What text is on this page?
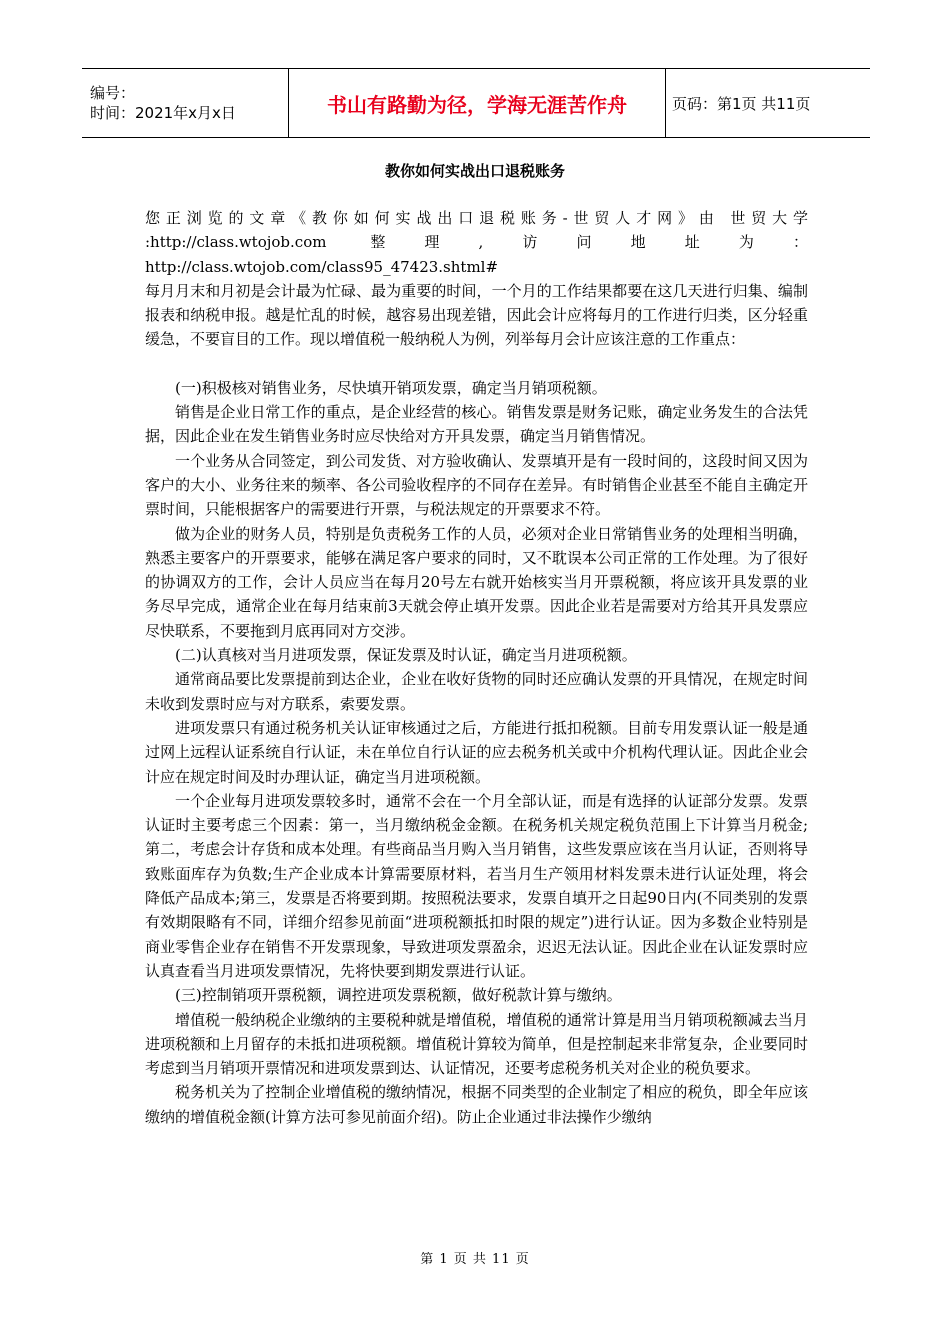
编号：
时间：2021年x月x日	书山有路勤为径，学海无涯苦作舟	页码：第1页 共11页
教你如何实战出口退税账务

您正浏览的文章《教你如何实战出口退税账务-世贸人才网》由 世贸大学

:http://class.wtojob.com 整理,访问地址为：http://class.wtojob.com/class95_47423.shtml#

每月月末和月初是会计最为忙碌、最为重要的时间，一个月的工作结果都要在这几天进行归集、编制报表和纳税申报。越是忙乱的时候，越容易出现差错，因此会计应将每月的工作进行归类，区分轻重缓急，不要盲目的工作。现以增值税一般纳税人为例，列举每月会计应该注意的工作重点：

(一)积极核对销售业务，尽快填开销项发票，确定当月销项税额。

销售是企业日常工作的重点，是企业经营的核心。销售发票是财务记账，确定业务发生的合法凭据，因此企业在发生销售业务时应尽快给对方开具发票，确定当月销售情况。

一个业务从合同签定，到公司发货、对方验收确认、发票填开是有一段时间的，这段时间又因为客户的大小、业务往来的频率、各公司验收程序的不同存在差异。有时销售企业甚至不能自主确定开票时间，只能根据客户的需要进行开票，与税法规定的开票要求不符。

做为企业的财务人员，特别是负责税务工作的人员，必须对企业日常销售业务的处理相当明确，熟悉主要客户的开票要求，能够在满足客户要求的同时，又不耽误本公司正常的工作处理。为了很好的协调双方的工作，会计人员应当在每月20号左右就开始核实当月开票税额，将应该开具发票的业务尽早完成，通常企业在每月结束前3天就会停止填开发票。因此企业若是需要对方给其开具发票应尽快联系，不要拖到月底再同对方交涉。

(二)认真核对当月进项发票，保证发票及时认证，确定当月进项税额。

通常商品要比发票提前到达企业，企业在收好货物的同时还应确认发票的开具情况，在规定时间未收到发票时应与对方联系，索要发票。

进项发票只有通过税务机关认证审核通过之后，方能进行抵扣税额。目前专用发票认证一般是通过网上远程认证系统自行认证，未在单位自行认证的应去税务机关或中介机构代理认证。因此企业会计应在规定时间及时办理认证，确定当月进项税额。

一个企业每月进项发票较多时，通常不会在一个月全部认证，而是有选择的认证部分发票。发票认证时主要考虑三个因素：第一，当月缴纳税金金额。在税务机关规定税负范围上下计算当月税金;第二，考虑会计存货和成本处理。有些商品当月购入当月销售，这些发票应该在当月认证，否则将导致账面库存为负数;生产企业成本计算需要原材料，若当月生产领用材料发票未进行认证处理，将会降低产品成本;第三，发票是否将要到期。按照税法要求，发票自填开之日起90日内(不同类别的发票有效期限略有不同，详细介绍参见前面“进项税额抵扣时限的规定”)进行认证。因为多数企业特别是商业零售企业存在销售不开发票现象，导致进项发票盈余，迟迟无法认证。因此企业在认证发票时应认真查看当月进项发票情况，先将快要到期发票进行认证。

(三)控制销项开票税额，调控进项发票税额，做好税款计算与缴纳。

增值税一般纳税企业缴纳的主要税种就是增值税，增值税的通常计算是用当月销项税额减去当月进项税额和上月留存的未抵扣进项税额。增值税计算较为简单，但是控制起来非常复杂，企业要同时考虑到当月销项开票情况和进项发票到达、认证情况，还要考虑税务机关对企业的税负要求。

税务机关为了控制企业增值税的缴纳情况，根据不同类型的企业制定了相应的税负，即全年应该缴纳的增值税金额(计算方法可参见前面介绍)。防止企业通过非法操作少缴纳

第 1 页 共 11 页
